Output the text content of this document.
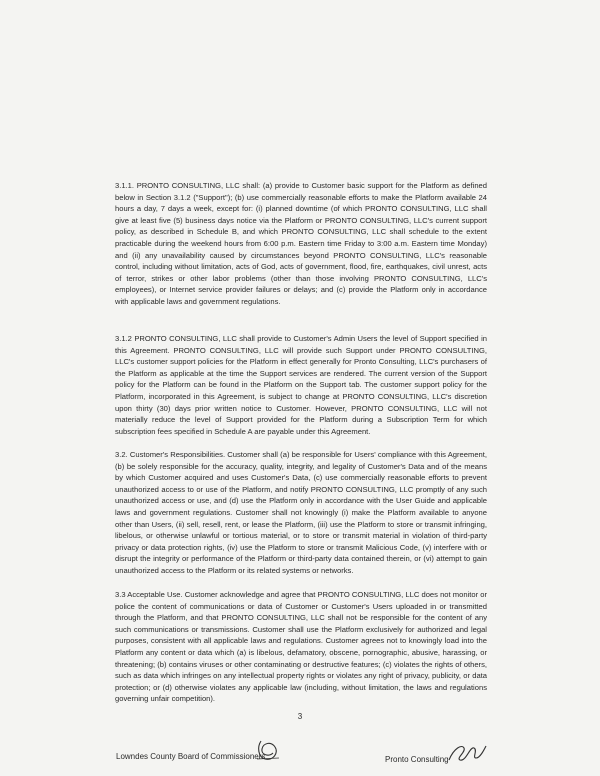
3.1.1. PRONTO CONSULTING, LLC shall: (a) provide to Customer basic support for the Platform as defined below in Section 3.1.2 ("Support"); (b) use commercially reasonable efforts to make the Platform available 24 hours a day, 7 days a week, except for: (i) planned downtime (of which PRONTO CONSULTING, LLC shall give at least five (5) business days notice via the Platform or PRONTO CONSULTING, LLC's current support policy, as described in Schedule B, and which PRONTO CONSULTING, LLC shall schedule to the extent practicable during the weekend hours from 6:00 p.m. Eastern time Friday to 3:00 a.m. Eastern time Monday) and (ii) any unavailability caused by circumstances beyond PRONTO CONSULTING, LLC's reasonable control, including without limitation, acts of God, acts of government, flood, fire, earthquakes, civil unrest, acts of terror, strikes or other labor problems (other than those involving PRONTO CONSULTING, LLC's employees), or Internet service provider failures or delays; and (c) provide the Platform only in accordance with applicable laws and government regulations.

3.1.2 PRONTO CONSULTING, LLC shall provide to Customer's Admin Users the level of Support specified in this Agreement. PRONTO CONSULTING, LLC will provide such Support under PRONTO CONSULTING, LLC's customer support policies for the Platform in effect generally for Pronto Consulting, LLC's purchasers of the Platform as applicable at the time the Support services are rendered. The current version of the Support policy for the Platform can be found in the Platform on the Support tab. The customer support policy for the Platform, incorporated in this Agreement, is subject to change at PRONTO CONSULTING, LLC's discretion upon thirty (30) days prior written notice to Customer. However, PRONTO CONSULTING, LLC will not materially reduce the level of Support provided for the Platform during a Subscription Term for which subscription fees specified in Schedule A are payable under this Agreement.

3.2. Customer's Responsibilities. Customer shall (a) be responsible for Users' compliance with this Agreement, (b) be solely responsible for the accuracy, quality, integrity, and legality of Customer's Data and of the means by which Customer acquired and uses Customer's Data, (c) use commercially reasonable efforts to prevent unauthorized access to or use of the Platform, and notify PRONTO CONSULTING, LLC promptly of any such unauthorized access or use, and (d) use the Platform only in accordance with the User Guide and applicable laws and government regulations. Customer shall not knowingly (i) make the Platform available to anyone other than Users, (ii) sell, resell, rent, or lease the Platform, (iii) use the Platform to store or transmit infringing, libelous, or otherwise unlawful or tortious material, or to store or transmit material in violation of third-party privacy or data protection rights, (iv) use the Platform to store or transmit Malicious Code, (v) interfere with or disrupt the integrity or performance of the Platform or third-party data contained therein, or (vi) attempt to gain unauthorized access to the Platform or its related systems or networks.

3.3 Acceptable Use. Customer acknowledge and agree that PRONTO CONSULTING, LLC does not monitor or police the content of communications or data of Customer or Customer's Users uploaded in or transmitted through the Platform, and that PRONTO CONSULTING, LLC shall not be responsible for the content of any such communications or transmissions. Customer shall use the Platform exclusively for authorized and legal purposes, consistent with all applicable laws and regulations. Customer agrees not to knowingly load into the Platform any content or data which (a) is libelous, defamatory, obscene, pornographic, abusive, harassing, or threatening; (b) contains viruses or other contaminating or destructive features; (c) violates the rights of others, such as data which infringes on any intellectual property rights or violates any right of privacy, publicity, or data protection; or (d) otherwise violates any applicable law (including, without limitation, the laws and regulations governing unfair competition).

3
Lowndes County Board of Commissioners	Pronto Consulting
